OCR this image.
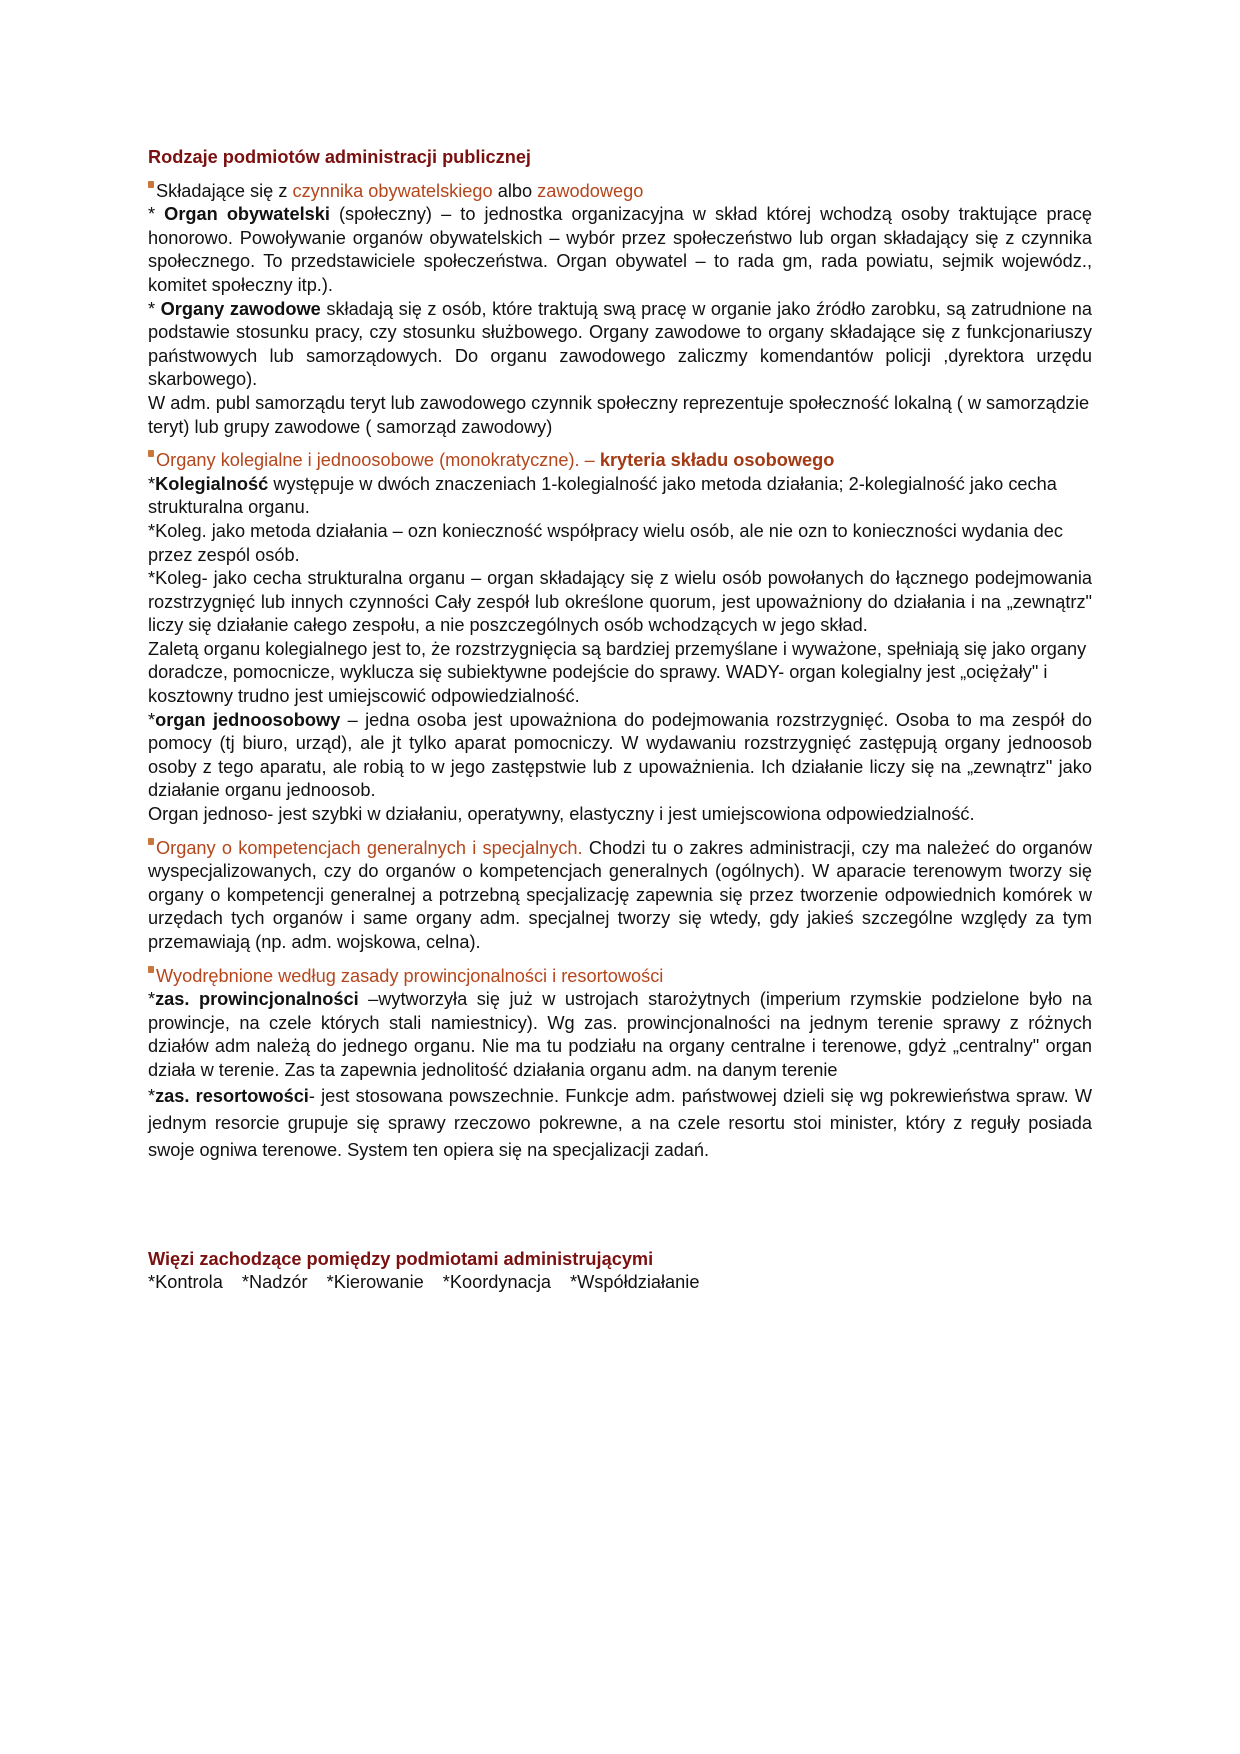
Rodzaje podmiotów administracji publicznej

Składające się z czynnika obywatelskiego albo zawodowego

* Organ obywatelski (społeczny) – to jednostka organizacyjna w skład której wchodzą osoby traktujące pracę honorowo. Powoływanie organów obywatelskich – wybór przez społeczeństwo lub organ składający się z czynnika społecznego. To przedstawiciele społeczeństwa. Organ obywatel – to rada gm, rada powiatu, sejmik wojewódz., komitet społeczny itp.).

* Organy zawodowe składają się z osób, które traktują swą pracę w organie jako źródło zarobku, są zatrudnione na podstawie stosunku pracy, czy stosunku służbowego. Organy zawodowe to organy składające się z funkcjonariuszy państwowych lub samorządowych. Do organu zawodowego zaliczmy komendantów policji ,dyrektora urzędu skarbowego).

W adm. publ samorządu teryt lub zawodowego czynnik społeczny reprezentuje społeczność lokalną ( w samorządzie teryt) lub grupy zawodowe ( samorząd zawodowy)

Organy kolegialne i jednoosobowe (monokratyczne). – kryteria składu osobowego

*Kolegialność występuje w dwóch znaczeniach 1-kolegialność jako metoda działania; 2-kolegialność jako cecha strukturalna organu.

*Koleg. jako metoda działania – ozn konieczność współpracy wielu osób, ale nie ozn to konieczności wydania dec przez zespól osób.

*Koleg- jako cecha strukturalna organu – organ składający się z wielu osób powołanych do łącznego podejmowania rozstrzygnięć lub innych czynności Cały zespół lub określone quorum, jest upoważniony do działania i na „zewnątrz" liczy się działanie całego zespołu, a nie poszczególnych osób wchodzących w jego skład.

Zaletą organu kolegialnego jest to, że rozstrzygnięcia są bardziej przemyślane i wyważone, spełniają się jako organy doradcze, pomocnicze, wyklucza się subiektywne podejście do sprawy. WADY- organ kolegialny jest „ociężały" i kosztowny trudno jest umiejscowić odpowiedzialność.

*organ jednoosobowy – jedna osoba jest upoważniona do podejmowania rozstrzygnięć. Osoba to ma zespół do pomocy (tj biuro, urząd), ale jt tylko aparat pomocniczy. W wydawaniu rozstrzygnięć zastępują organy jednoosob osoby z tego aparatu, ale robią to w jego zastępstwie lub z upoważnienia. Ich działanie liczy się na „zewnątrz" jako działanie organu jednoosob.

Organ jednoso- jest szybki w działaniu, operatywny, elastyczny i jest umiejscowiona odpowiedzialność.

Organy o kompetencjach generalnych i specjalnych. Chodzi tu o zakres administracji, czy ma należeć do organów wyspecjalizowanych, czy do organów o kompetencjach generalnych (ogólnych). W aparacie terenowym tworzy się organy o kompetencji generalnej a potrzebną specjalizację zapewnia się przez tworzenie odpowiednich komórek w urzędach tych organów i same organy adm. specjalnej tworzy się wtedy, gdy jakieś szczególne względy za tym przemawiają (np. adm. wojskowa, celna).

Wyodrębnione według zasady prowincjonalności i resortowości

*zas. prowincjonalności –wytworzyła się już w ustrojach starożytnych (imperium rzymskie podzielone było na prowincje, na czele których stali namiestnicy). Wg zas. prowincjonalności na jednym terenie sprawy z różnych działów adm należą do jednego organu. Nie ma tu podziału na organy centralne i terenowe, gdyż „centralny" organ działa w terenie. Zas ta zapewnia jednolitość działania organu adm. na danym terenie

*zas. resortowości- jest stosowana powszechnie. Funkcje adm. państwowej dzieli się wg pokrewieństwa spraw. W jednym resorcie grupuje się sprawy rzeczowo pokrewne, a na czele resortu stoi minister, który z reguły posiada swoje ogniwa terenowe. System ten opiera się na specjalizacji zadań.

Więzi zachodzące pomiędzy podmiotami administrującymi

*Kontrola *Nadzór *Kierowanie *Koordynacja *Współdziałanie
